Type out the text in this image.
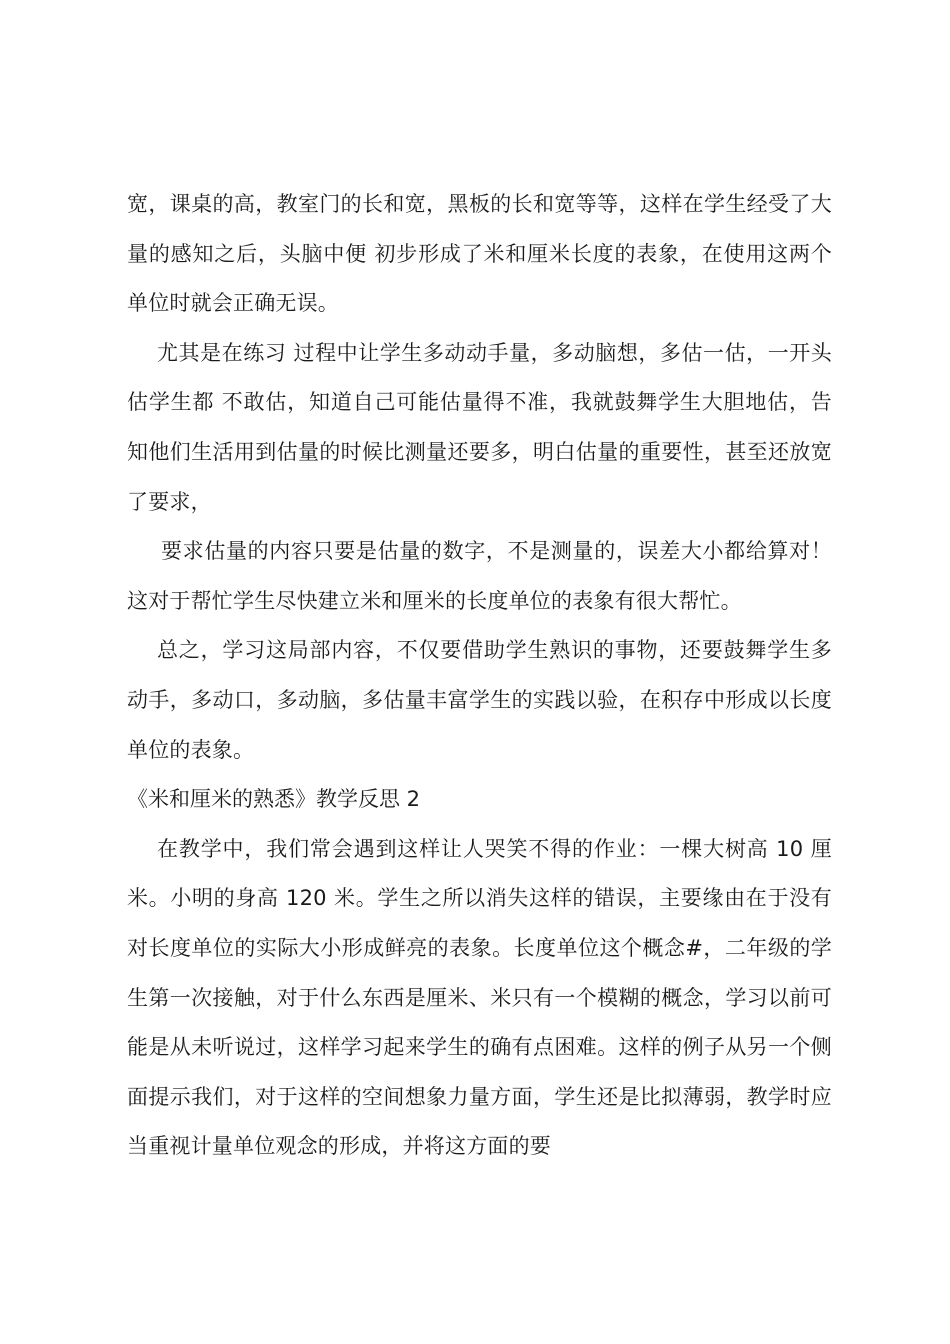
宽，课桌的高，教室门的长和宽，黑板的长和宽等等，这样在学生经受了大量的感知之后，头脑中便 初步形成了米和厘米长度的表象，在使用这两个单位时就会正确无误。

尤其是在练习 过程中让学生多动动手量，多动脑想，多估一估，一开头估学生都 不敢估，知道自己可能估量得不准，我就鼓舞学生大胆地估，告知他们生活用到估量的时候比测量还要多，明白估量的重要性，甚至还放宽了要求，

要求估量的内容只要是估量的数字，不是测量的，误差大小都给算对！这对于帮忙学生尽快建立米和厘米的长度单位的表象有很大帮忙。

总之，学习这局部内容，不仅要借助学生熟识的事物，还要鼓舞学生多动手，多动口，多动脑，多估量丰富学生的实践以验，在积存中形成以长度单位的表象。

《米和厘米的熟悉》教学反思 2

在教学中，我们常会遇到这样让人哭笑不得的作业：一棵大树高 10 厘米。小明的身高 120 米。学生之所以消失这样的错误，主要缘由在于没有对长度单位的实际大小形成鲜亮的表象。长度单位这个概念#，二年级的学生第一次接触，对于什么东西是厘米、米只有一个模糊的概念，学习以前可能是从未听说过，这样学习起来学生的确有点困难。这样的例子从另一个侧面提示我们，对于这样的空间想象力量方面，学生还是比拟薄弱，教学时应当重视计量单位观念的形成，并将这方面的要
